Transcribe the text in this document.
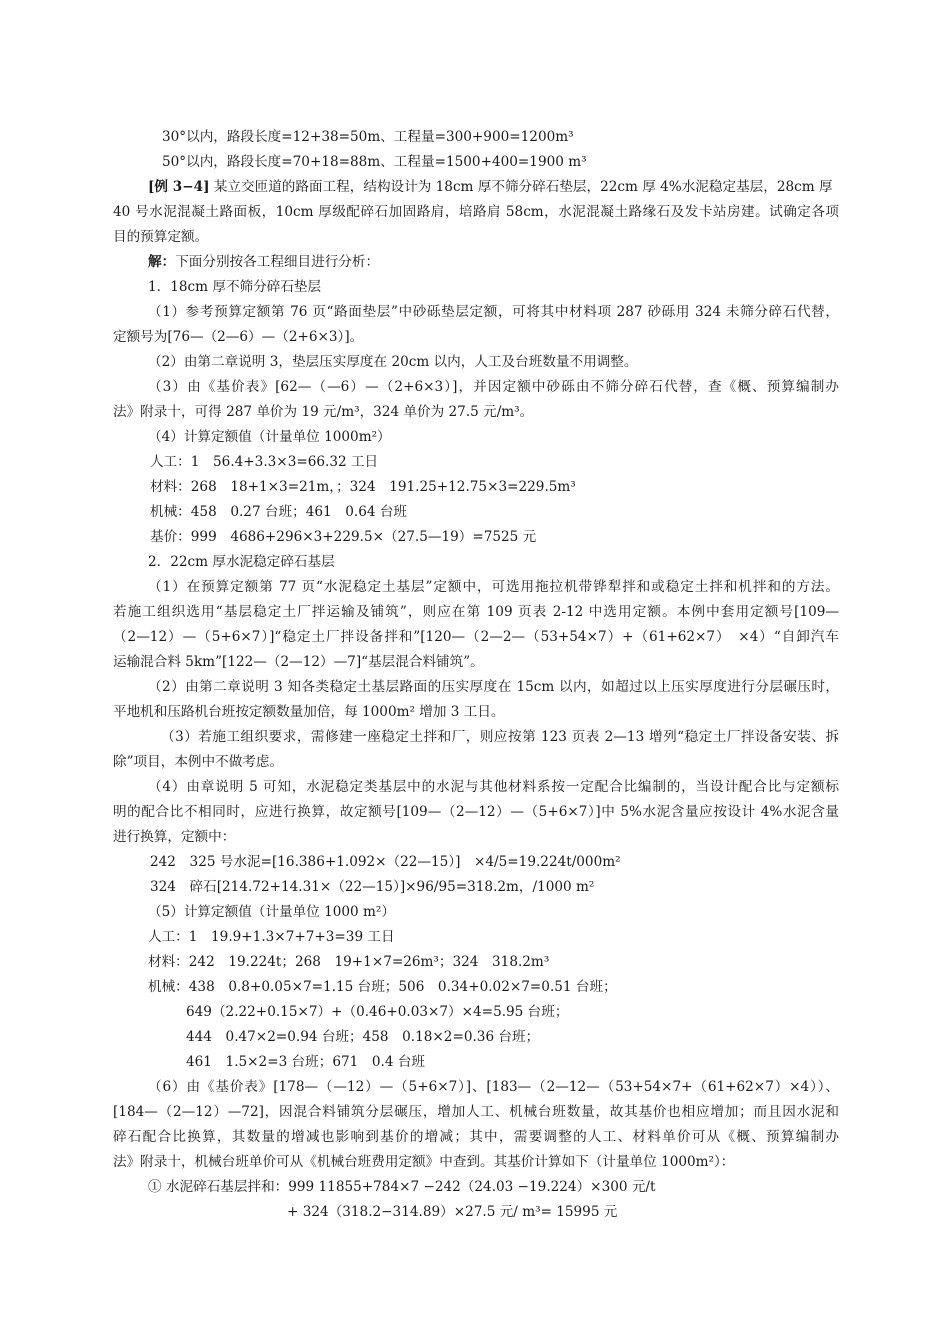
30°以内，路段长度=12+38=50m、工程量=300+900=1200m³
50°以内，路段长度=70+18=88m、工程量=1500+400=1900 m³
[例 3−4] 某立交匝道的路面工程，结构设计为 18cm 厚不筛分碎石垫层，22cm 厚 4%水泥稳定基层，28cm 厚
40 号水泥混凝土路面板，10cm 厚级配碎石加固路肩，培路肩 58cm，水泥混凝土路缘石及发卡站房建。试确定各项
目的预算定额。
解：下面分别按各工程细目进行分析：
1．18cm 厚不筛分碎石垫层
（1）参考预算定额第 76 页“路面垫层”中砂砾垫层定额，可将其中材料项 287 砂砾用 324 未筛分碎石代替，
定额号为[76—（2—6）—（2+6×3）]。
（2）由第二章说明 3，垫层压实厚度在 20cm 以内，人工及台班数量不用调整。
（3）由《基价表》[62—（—6）—（2+6×3）]，并因定额中砂砾由不筛分碎石代替，查《概、预算编制办
法》附录十，可得 287 单价为 19 元/m³，324 单价为 27.5 元/m³。
（4）计算定额值（计量单位 1000m²）
人工：1　56.4+3.3×3=66.32 工日
材料：268　18+1×3=21m，；324　191.25+12.75×3=229.5m³
机械：458　0.27 台班；461　0.64 台班
基价：999　4686+296×3+229.5×（27.5—19）=7525 元
2．22cm 厚水泥稳定碎石基层
（1）在预算定额第 77 页“水泥稳定土基层”定额中，可选用拖拉机带铧犁拌和或稳定土拌和机拌和的方法。
若施工组织选用“基层稳定土厂拌运输及铺筑”，则应在第 109 页表 2-12 中选用定额。本例中套用定额号[109—
（2—12）—（5+6×7）]“稳定土厂拌设备拌和”[120—（2—2—（53+54×7）+（61+62×7）　×4）“自卸汽车
运输混合料 5km”[122—（2—12）—7]“基层混合料铺筑”。
（2）由第二章说明 3 知各类稳定土基层路面的压实厚度在 15cm 以内，如超过以上压实厚度进行分层碾压时，
平地机和压路机台班按定额数量加倍，每 1000m² 增加 3 工日。
（3）若施工组织要求，需修建一座稳定土拌和厂，则应按第 123 页表 2—13 增列“稳定土厂拌设备安装、拆
除”项目，本例中不做考虑。
（4）由章说明 5 可知，水泥稳定类基层中的水泥与其他材料系按一定配合比编制的，当设计配合比与定额标
明的配合比不相同时，应进行换算，故定额号[109—（2—12）—（5+6×7）]中 5%水泥含量应按设计 4%水泥含量
进行换算，定额中：
242　325 号水泥=[16.386+1.092×（22—15）]　×4/5=19.224t/000m²
324　碎石[214.72+14.31×（22—15）]×96/95=318.2m，/1000 m²
（5）计算定额值（计量单位 1000 m²）
人工：1　19.9+1.3×7+7+3=39 工日
材料：242　19.224t；268　19+1×7=26m³；324　318.2m³
机械：438　0.8+0.05×7=1.15 台班；506　0.34+0.02×7=0.51 台班；
649（2.22+0.15×7）+（0.46+0.03×7）×4=5.95 台班；
444　0.47×2=0.94 台班；458　0.18×2=0.36 台班；
461　1.5×2=3 台班；671　0.4 台班
（6）由《基价表》[178—（—12）—（5+6×7）]、[183—（2—12—（53+54×7+（61+62×7）×4））、
[184—（2—12）—72]，因混合料铺筑分层碾压，增加人工、机械台班数量，故其基价也相应增加；而且因水泥和
碎石配合比换算，其数量的增减也影响到基价的增减；其中，需要调整的人工、材料单价可从《概、预算编制办
法》附录十，机械台班单价可从《机械台班费用定额》中查到。其基价计算如下（计量单位 1000m²）：
① 水泥碎石基层拌和：999 11855+784×7 −242（24.03 −19.224）×300 元/t
+ 324（318.2−314.89）×27.5 元/ m³= 15995 元
